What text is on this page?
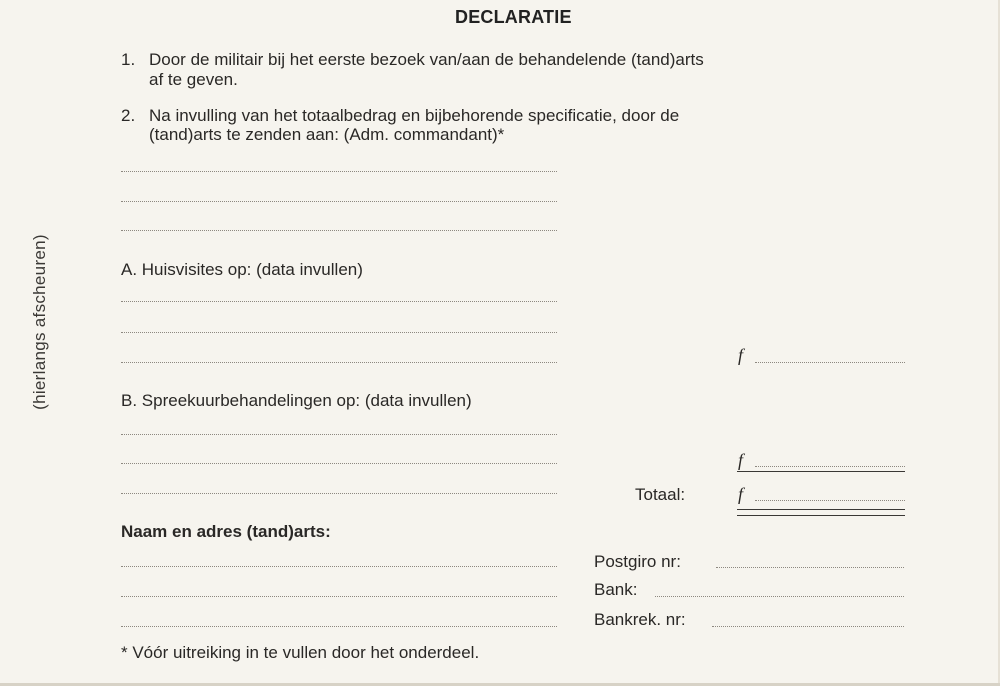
(hierlangs afscheuren)
DECLARATIE
1. Door de militair bij het eerste bezoek van/aan de behandelende (tand)arts
af te geven.
2. Na invulling van het totaalbedrag en bijbehorende specificatie, door de
(tand)arts te zenden aan: (Adm. commandant)*
A. Huisvisites op: (data invullen)
f
B. Spreekuurbehandelingen op: (data invullen)
f
Totaal:	f
Naam en adres (tand)arts:
Postgiro nr:
Bank:
Bankrek. nr:
* Vóór uitreiking in te vullen door het onderdeel.
